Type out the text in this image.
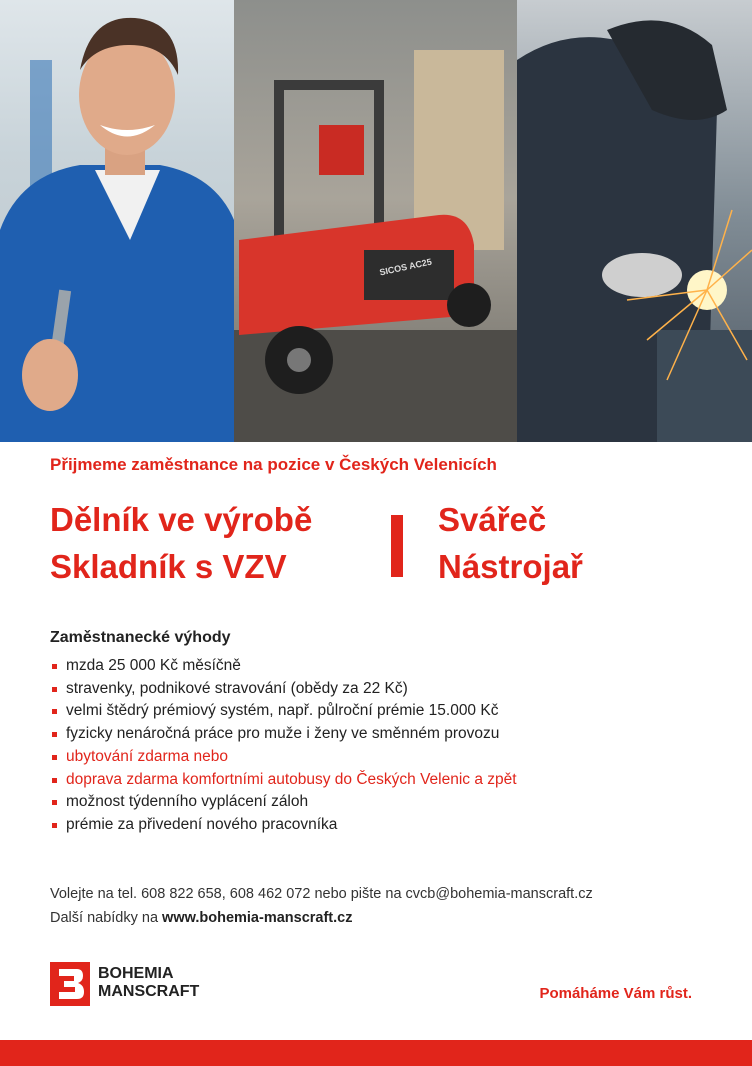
SICOS AC25
Přijmeme zaměstnance na pozice v Českých Velenicích
Dělník ve výrobě
Skladník s VZV
Svářeč
Nástrojař
Zaměstnanecké výhody
mzda 25 000 Kč měsíčně
stravenky, podnikové stravování (obědy za 22 Kč)
velmi štědrý prémiový systém, např. půlroční prémie 15.000 Kč
fyzicky nenáročná práce pro muže i ženy ve směnném provozu
ubytování zdarma nebo
doprava zdarma komfortními autobusy do Českých Velenic a zpět
možnost týdenního vyplácení záloh
prémie za přivedení nového pracovníka
Volejte na tel. 608 822 658, 608 462 072 nebo pište na cvcb@bohemia-manscraft.cz
Další nabídky na www.bohemia-manscraft.cz
BOHEMIA
MANSCRAFT	Pomáháme Vám růst.
